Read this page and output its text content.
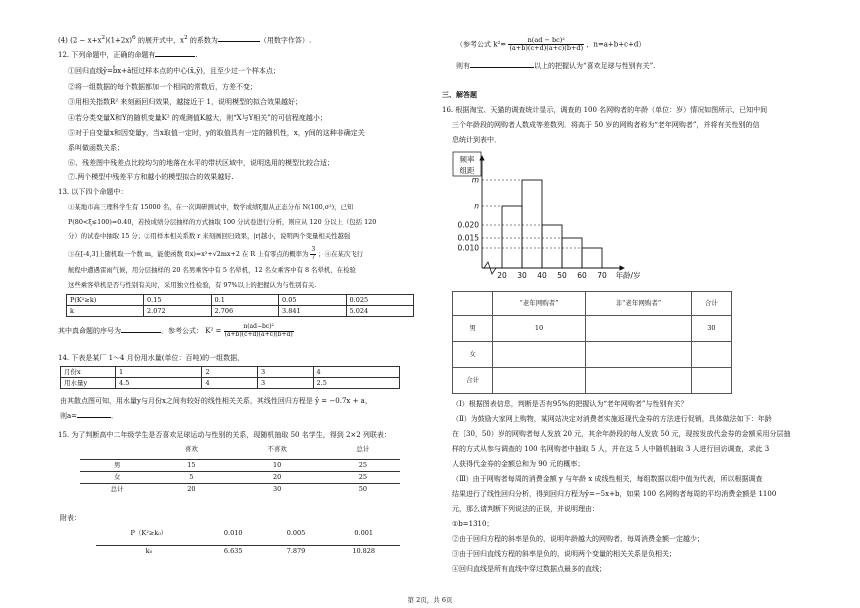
(4) $(2 - x+x^2)(1+2x)^6$ 的展开式中，$x^2$ 的系数为	（用数字作答）.
12. 下列命题中，正确的命题有	.
①回归直线ŷ=b̂x+â恒过样本点的中心(x̄,ȳ)，且至少过一个样本点；
②将一组数据的每个数据都加一个相同的常数后，方差不变；
③用相关指数R² 来刻画回归效果，越接近于 1，说明模型的拟合效果越好；
④若分类变量X和Y的随机变量K² 的观测值K越大，则“X与Y相关”的可信程度越小；
⑤对于自变量x和因变量y，当x取值一定时，y的取值具有一定的随机性，x，y间的这种非确定关
系叫做函数关系；
⑥、残差图中残差点比较均匀的地落在水平的带状区域中，说明选用的模型比较合适；
⑦.两个模型中残差平方和越小的模型拟合的效果越好.
13. 以下四个命题中：
①某地市高三理科学生有 15000 名，在一次调研测试中，数学成绩ξ服从正态分布 N(100,σ²)，已知
P(80<ξ≤100)=0.40，若按成绩分层抽样的方式抽取 100 分试卷进行分析，则应从 120 分以上（包括 120
分）的试卷中抽取 15 分；②用样本相关系数 r 来刻画回归效果，|r|越小，说明两个变量相关性越强
③在[-4,3]上随机取一个数 m，能使函数 f(x)=x²+√2mx+2 在 R 上有零点的概率为 $\frac{3}{7}$ ；④在某次飞行
航程中遭遇雷雨气候，用分层抽样的 20 名男乘客中有 5 名晕机，12 名女乘客中有 8 名晕机，在检验
这些乘客晕机是否与性别有关时，采用独立性检验，有 97%以上的把握认为与性别有关.
P(K²≥k)	0.15	0.1	0.05	0.025
k	2.072	2.706	3.841	5.024
其中真命题的序号为	．参考公式： $K^2 = \frac{\text{n(ad−bc)²}}{(a+b)(c+d)(a+c)(b+d)}$
14. 下表是某厂 1～4 月份用水量(单位：百吨)的一组数据，
月份x	1	2	3	4
用水量y	4.5	4	3	2.5
由其散点图可知，用水量y与月份x之间有较好的线性相关关系，其线性回归方程是 ŷ = −0.7x + a，
则a=	．
15. 为了判断高中二年级学生是否喜欢足球运动与性别的关系，现随机抽取 50 名学生，得到 2×2 列联表：
	喜欢	不喜欢	总计

男	15	10	25
女	5	20	25
总计	20	30	50
附表：
P（K²≥k₀）	0.010	0.005	0.001

k₀	6.635	7.879	10.828
（参考公式 $k^2= \frac{\text{n(ad − bc)²}}{(a+b)(c+d)(a+c)(b+d)}$ ，n=a+b+c+d）
则有	以上的把握认为“喜欢足球与性别有关”.
三、解答题
16. 根据淘宝、天猫的调查统计显示，调查的 100 名网购者的年龄（单位：岁）情况如图所示，已知中间
三个年龄段的网购者人数成等差数列．将高于 50 岁的网购者称为“老年网购者”，并将有关性别的信
息统计到表中．
	“老年网购者”	非“老年网购者”	合计
男	10		30
女			
合计			
（Ⅰ）根据图表信息，判断是否有95%的把握认为“老年网购者”与性别有关？
（Ⅱ）为鼓励大家网上购物，某网站决定对消费者实施返现代金券的方法进行促销，具体做法如下：年龄
在［30，50）岁的网购者每人发放 20 元，其余年龄段的每人发放 50 元，现按发放代金券的金额采用分层抽
样的方式从参与调查的 100 名网购者中抽取 5 人，并在这 5 人中随机抽取 3 人进行回访调查，求此 3
人获得代金券的金额总和为 90 元的概率；
（Ⅲ）由于网购者每周的消费金额 y 与年龄 x 成线性相关，每组数据以组中值为代表，所以根据调查
结果进行了线性回归分析，得到回归方程为ŷ=−5x+b，如果 100 名网购者每周的平均消费金额是 1100
元，那么请判断下列说法的正误，并说明理由：
①b=1310；
②由于回归方程的斜率是负的，说明年龄越大的网购者，每周消费金额一定越少；
③由于回归直线方程的斜率是负的，说明两个变量的相关关系是负相关；
④回归直线是所有直线中穿过数据点最多的直线；
频率
组距
m
n
0.020
0.015
0.010
20 30 40 50 60 70 年龄/岁
第 2页，共 6页
